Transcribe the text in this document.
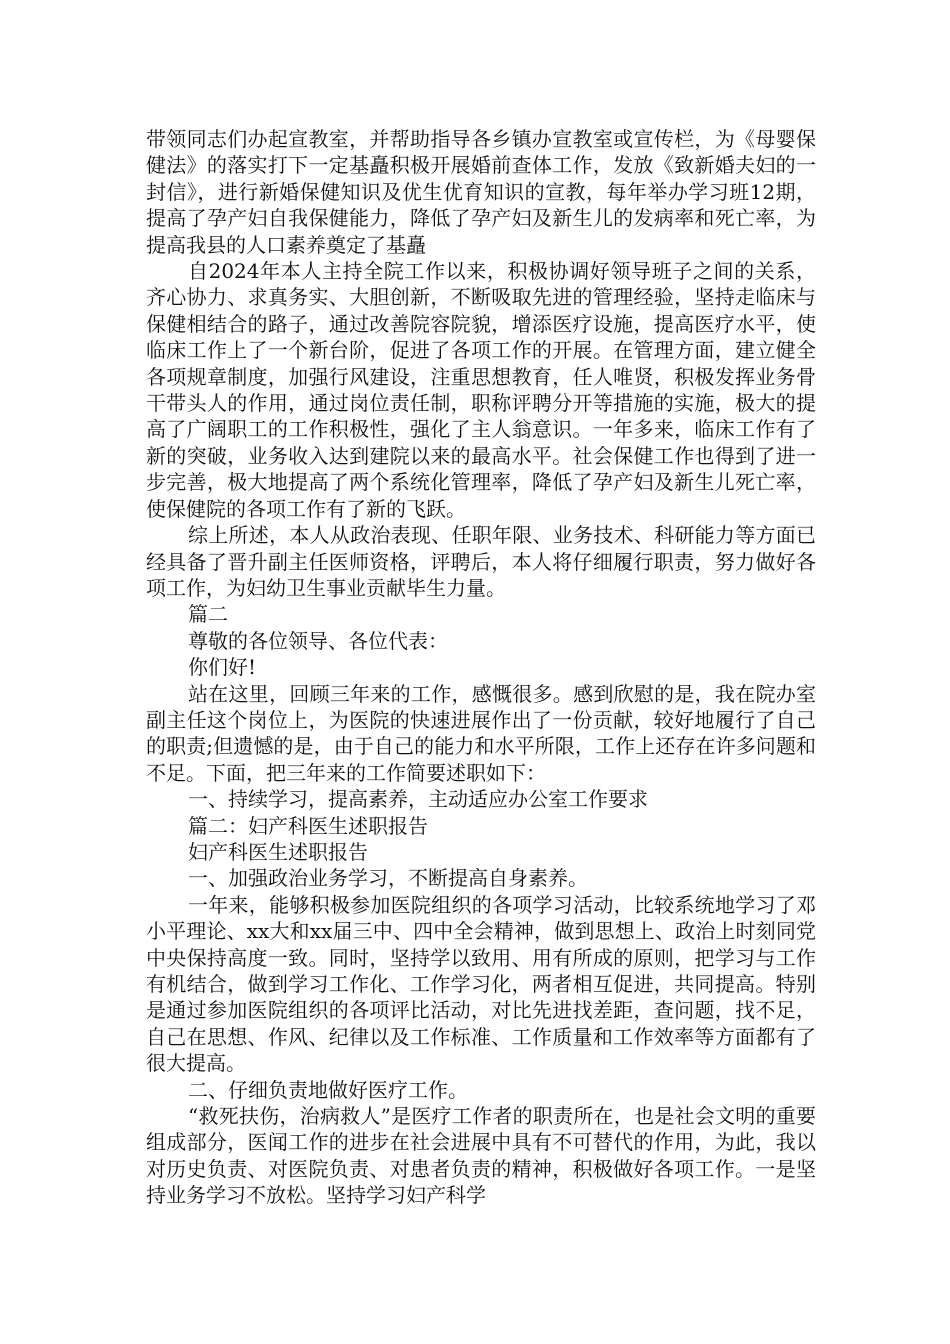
带领同志们办起宣教室，并帮助指导各乡镇办宣教室或宣传栏，为《母婴保健法》的落实打下一定基矗积极开展婚前查体工作，发放《致新婚夫妇的一封信》，进行新婚保健知识及优生优育知识的宣教，每年举办学习班12期，提高了孕产妇自我保健能力，降低了孕产妇及新生儿的发病率和死亡率，为提高我县的人口素养奠定了基矗

自2024年本人主持全院工作以来，积极协调好领导班子之间的关系，齐心协力、求真务实、大胆创新，不断吸取先进的管理经验，坚持走临床与保健相结合的路子，通过改善院容院貌，增添医疗设施，提高医疗水平，使临床工作上了一个新台阶，促进了各项工作的开展。在管理方面，建立健全各项规章制度，加强行风建设，注重思想教育，任人唯贤，积极发挥业务骨干带头人的作用，通过岗位责任制，职称评聘分开等措施的实施，极大的提高了广阔职工的工作积极性，强化了主人翁意识。一年多来，临床工作有了新的突破，业务收入达到建院以来的最高水平。社会保健工作也得到了进一步完善，极大地提高了两个系统化管理率，降低了孕产妇及新生儿死亡率，使保健院的各项工作有了新的飞跃。

综上所述，本人从政治表现、任职年限、业务技术、科研能力等方面已经具备了晋升副主任医师资格，评聘后，本人将仔细履行职责，努力做好各项工作，为妇幼卫生事业贡献毕生力量。

篇二

尊敬的各位领导、各位代表：

你们好!

站在这里，回顾三年来的工作，感慨很多。感到欣慰的是，我在院办室副主任这个岗位上，为医院的快速进展作出了一份贡献，较好地履行了自己的职责;但遗憾的是，由于自己的能力和水平所限，工作上还存在许多问题和不足。下面，把三年来的工作简要述职如下：

一、持续学习，提高素养，主动适应办公室工作要求

篇二：妇产科医生述职报告

妇产科医生述职报告

一、加强政治业务学习，不断提高自身素养。

一年来，能够积极参加医院组织的各项学习活动，比较系统地学习了邓小平理论、xx大和xx届三中、四中全会精神，做到思想上、政治上时刻同党中央保持高度一致。同时，坚持学以致用、用有所成的原则，把学习与工作有机结合，做到学习工作化、工作学习化，两者相互促进，共同提高。特别是通过参加医院组织的各项评比活动，对比先进找差距，查问题，找不足，自己在思想、作风、纪律以及工作标准、工作质量和工作效率等方面都有了很大提高。

二、仔细负责地做好医疗工作。

“救死扶伤，治病救人”是医疗工作者的职责所在，也是社会文明的重要组成部分，医闻工作的进步在社会进展中具有不可替代的作用，为此，我以对历史负责、对医院负责、对患者负责的精神，积极做好各项工作。一是坚持业务学习不放松。坚持学习妇产科学
